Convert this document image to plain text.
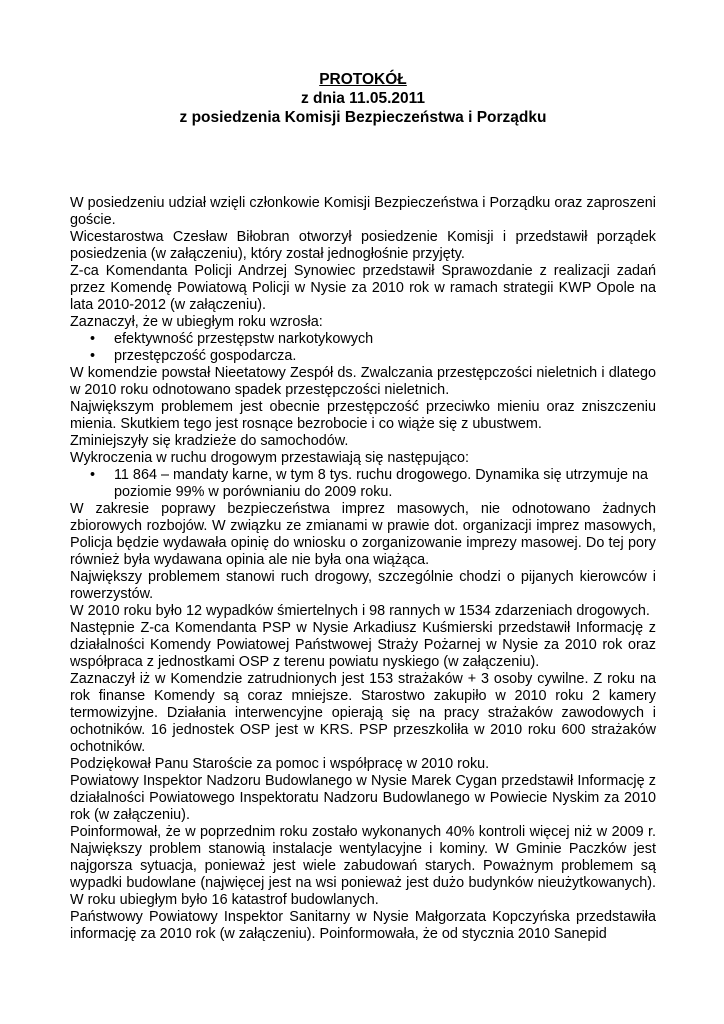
PROTOKÓŁ
z dnia 11.05.2011
z posiedzenia Komisji Bezpieczeństwa i Porządku

W posiedzeniu udział wzięli członkowie Komisji Bezpieczeństwa i Porządku oraz zaproszeni goście.

Wicestarostwa Czesław Biłobran otworzył posiedzenie Komisji i przedstawił porządek posiedzenia (w załączeniu), który został jednogłośnie przyjęty.

Z-ca Komendanta Policji Andrzej Synowiec przedstawił Sprawozdanie z realizacji zadań przez Komendę Powiatową Policji w Nysie za 2010 rok w ramach strategii KWP Opole na lata 2010-2012 (w załączeniu).

Zaznaczył, że w ubiegłym roku wzrosła:

• efektywność przestępstw narkotykowych
• przestępczość gospodarcza.

W komendzie powstał Nieetatowy Zespół ds. Zwalczania przestępczości nieletnich i dlatego w 2010 roku odnotowano spadek przestępczości nieletnich.

Największym problemem jest obecnie przestępczość przeciwko mieniu oraz zniszczeniu mienia. Skutkiem tego jest rosnące bezrobocie i co wiąże się z ubustwem.

Zminiejszyły się kradzieże do samochodów.

Wykroczenia w ruchu drogowym przestawiają się następująco:

• 11 864 – mandaty karne, w tym 8 tys. ruchu drogowego. Dynamika się utrzymuje na poziomie 99% w porównianiu do 2009 roku.

W zakresie poprawy bezpieczeństwa imprez masowych, nie odnotowano żadnych zbiorowych rozbojów. W związku ze zmianami w prawie dot. organizacji imprez masowych, Policja będzie wydawała opinię do wniosku o zorganizowanie imprezy masowej. Do tej pory również była wydawana opinia ale nie była ona wiążąca.

Największy problemem stanowi ruch drogowy, szczególnie chodzi o pijanych kierowców i rowerzystów.

W 2010 roku było 12 wypadków śmiertelnych i 98 rannych w 1534 zdarzeniach drogowych.

Następnie Z-ca Komendanta PSP w Nysie Arkadiusz Kuśmierski przedstawił Informację z działalności Komendy Powiatowej Państwowej Straży Pożarnej w Nysie za 2010 rok oraz współpraca z jednostkami OSP z terenu powiatu nyskiego (w załączeniu).

Zaznaczył iż w Komendzie zatrudnionych jest 153 strażaków + 3 osoby cywilne. Z roku na rok finanse Komendy są coraz mniejsze. Starostwo zakupiło w 2010 roku 2 kamery termowizyjne. Działania interwencyjne opierają się na pracy strażaków zawodowych i ochotników. 16 jednostek OSP jest w KRS. PSP przeszkoliła w 2010 roku 600 strażaków ochotników.

Podziękował Panu Staroście za pomoc i współpracę w 2010 roku.

Powiatowy Inspektor Nadzoru Budowlanego w Nysie Marek Cygan przedstawił Informację z działalności Powiatowego Inspektoratu Nadzoru Budowlanego w Powiecie Nyskim za 2010 rok (w załączeniu).

Poinformował, że w poprzednim roku zostało wykonanych 40% kontroli więcej niż w 2009 r. Największy problem stanowią instalacje wentylacyjne i kominy. W Gminie Paczków jest najgorsza sytuacja, ponieważ jest wiele zabudowań starych. Poważnym problemem są wypadki budowlane (najwięcej jest na wsi ponieważ jest dużo budynków nieużytkowanych). W roku ubiegłym było 16 katastrof budowlanych.

Państwowy Powiatowy Inspektor Sanitarny w Nysie Małgorzata Kopczyńska przedstawiła informację za 2010 rok (w załączeniu). Poinformowała, że od stycznia 2010 Sanepid
